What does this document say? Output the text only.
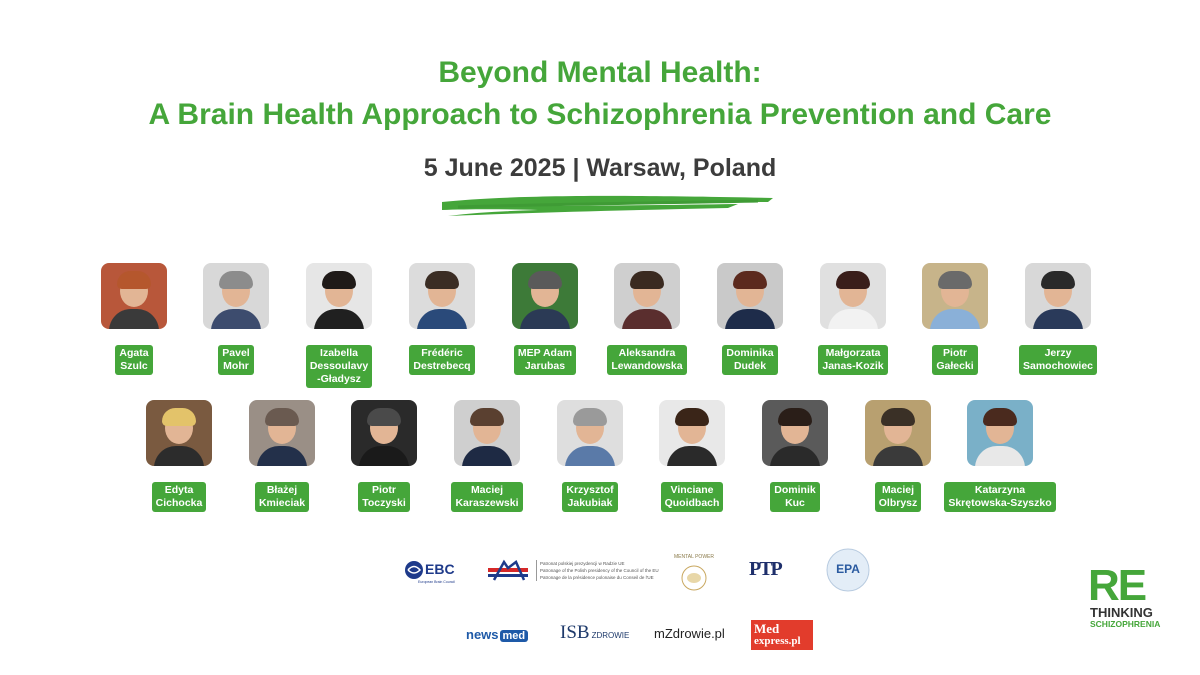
Beyond Mental Health:
A Brain Health Approach to Schizophrenia Prevention and Care
5 June 2025 | Warsaw, Poland
Agata
Szulc
Pavel
Mohr
Izabella
Dessoulavy
-Gładysz
Frédéric
Destrebecq
MEP Adam
Jarubas
Aleksandra
Lewandowska
Dominika
Dudek
Małgorzata
Janas-Kozik
Piotr
Gałecki
Jerzy
Samochowiec
Edyta
Cichocka
Błażej
Kmieciak
Piotr
Toczyski
Maciej
Karaszewski
Krzysztof
Jakubiak
Vinciane
Quoidbach
Dominik
Kuc
Maciej
Olbrysz
Katarzyna
Skrętowska-Szyszko
EBC
European Brain Council
Patronat polskiej prezydencji w Radzie UE
Patronage of the Polish presidency of the Council of the EU
Patronage de la présidence polonaise du Conseil de l'UE
MENTAL POWER
PTP	EPA
news med ISB ZDROWIE mZdrowie.pl Med
express.pl
RE
THINKING
SCHIZOPHRENIA
